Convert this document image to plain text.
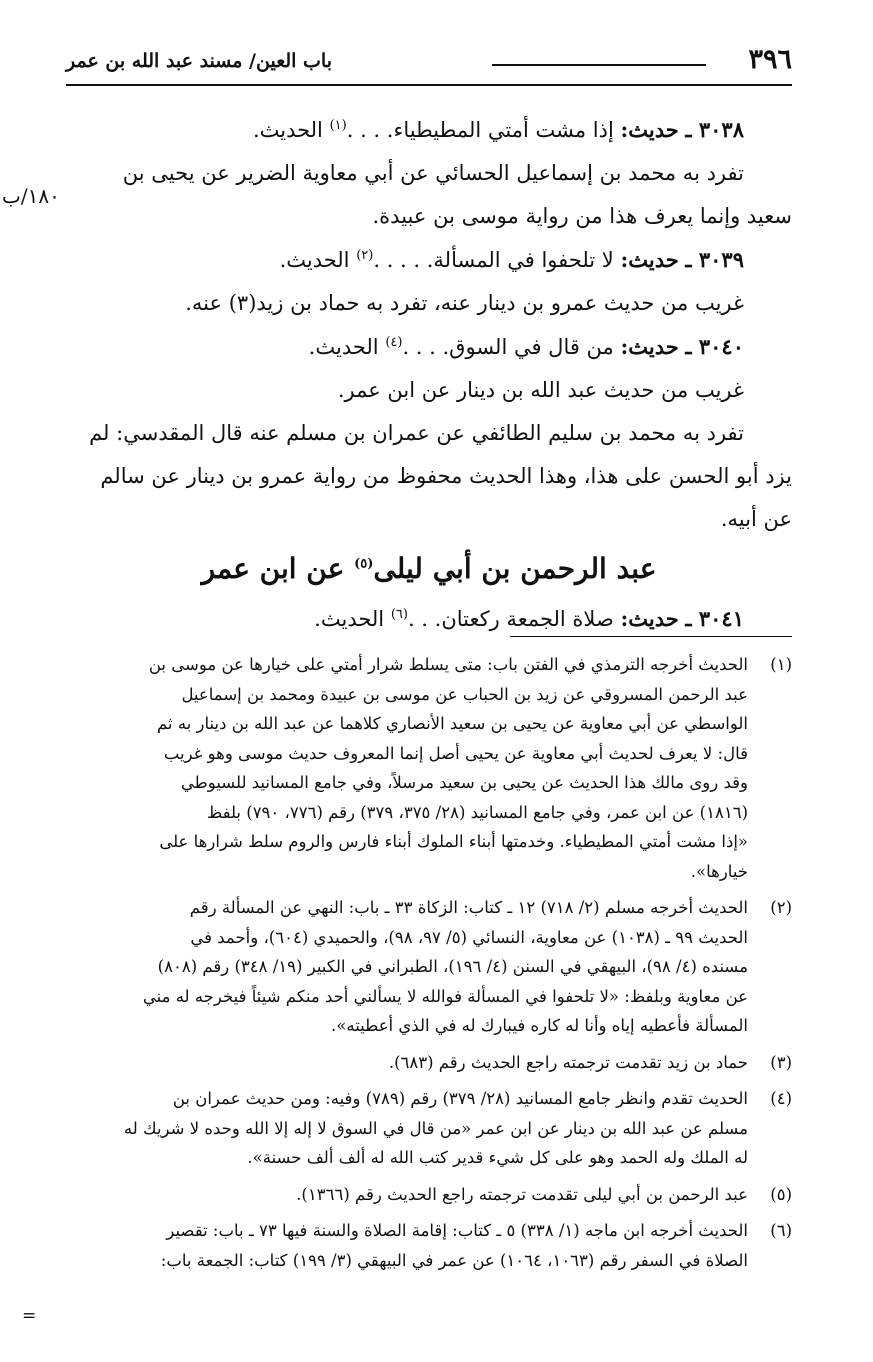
٣٩٦
باب العين/ مسند عبد الله بن عمر
١٨٠/ب
٣٠٣٨ ـ حديث: إذا مشت أمتي المطيطياء. . . .$^{(١)}$ الحديث.
تفرد به محمد بن إسماعيل الحسائي عن أبي معاوية الضرير عن يحيى بن
سعيد وإنما يعرف هذا من رواية موسى بن عبيدة.
٣٠٣٩ ـ حديث: لا تلحفوا في المسألة. . . . .$^{(٢)}$ الحديث.
غريب من حديث عمرو بن دينار عنه، تفرد به حماد بن زيد(٣) عنه.
٣٠٤٠ ـ حديث: من قال في السوق. . . .$^{(٤)}$ الحديث.
غريب من حديث عبد الله بن دينار عن ابن عمر.
تفرد به محمد بن سليم الطائفي عن عمران بن مسلم عنه قال المقدسي: لم
يزد أبو الحسن على هذا، وهذا الحديث محفوظ من رواية عمرو بن دينار عن سالم
عن أبيه.
عبد الرحمن بن أبي ليلى$^{(٥)}$ عن ابن عمر
٣٠٤١ ـ حديث: صلاة الجمعة ركعتان. . .$^{(٦)}$ الحديث.
(١)
الحديث أخرجه الترمذي في الفتن باب: متى يسلط شرار أمتي على خيارها عن موسى بن
عبد الرحمن المسروقي عن زيد بن الحباب عن موسى بن عبيدة ومحمد بن إسماعيل
الواسطي عن أبي معاوية عن يحيى بن سعيد الأنصاري كلاهما عن عبد الله بن دينار به ثم
قال: لا يعرف لحديث أبي معاوية عن يحيى أصل إنما المعروف حديث موسى وهو غريب
وقد روى مالك هذا الحديث عن يحيى بن سعيد مرسلاً، وفي جامع المسانيد للسيوطي
(١٨١٦) عن ابن عمر، وفي جامع المسانيد (٢٨/ ٣٧٥، ٣٧٩) رقم (٧٧٦، ٧٩٠) بلفظ
«إذا مشت أمتي المطيطياء. وخدمتها أبناء الملوك أبناء فارس والروم سلط شرارها على
خيارها».
(٢)
الحديث أخرجه مسلم (٢/ ٧١٨) ١٢ ـ كتاب: الزكاة ٣٣ ـ باب: النهي عن المسألة رقم
الحديث ٩٩ ـ (١٠٣٨) عن معاوية، النسائي (٥/ ٩٧، ٩٨)، والحميدي (٦٠٤)، وأحمد في
مسنده (٤/ ٩٨)، البيهقي في السنن (٤/ ١٩٦)، الطبراني في الكبير (١٩/ ٣٤٨) رقم (٨٠٨)
عن معاوية وبلفظ: «لا تلحفوا في المسألة فوالله لا يسألني أحد منكم شيئاً فيخرجه له مني
المسألة فأعطيه إياه وأنا له كاره فيبارك له في الذي أعطيته».
(٣)
حماد بن زيد تقدمت ترجمته راجع الحديث رقم (٦٨٣).
(٤)
الحديث تقدم وانظر جامع المسانيد (٢٨/ ٣٧٩) رقم (٧٨٩) وفيه: ومن حديث عمران بن
مسلم عن عبد الله بن دينار عن ابن عمر «من قال في السوق لا إله إلا الله وحده لا شريك له
له الملك وله الحمد وهو على كل شيء قدير كتب الله له ألف ألف حسنة».
(٥)
عبد الرحمن بن أبي ليلى تقدمت ترجمته راجع الحديث رقم (١٣٦٦).
(٦)
الحديث أخرجه ابن ماجه (١/ ٣٣٨) ٥ ـ كتاب: إقامة الصلاة والسنة فيها ٧٣ ـ باب: تقصير
الصلاة في السفر رقم (١٠٦٣، ١٠٦٤) عن عمر في البيهقي (٣/ ١٩٩) كتاب: الجمعة باب:
=
